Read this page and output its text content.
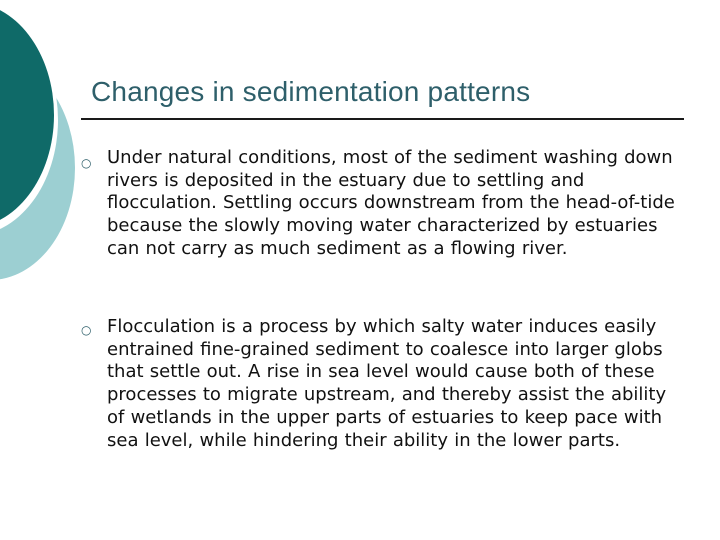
Changes in sedimentation patterns
○ Under natural conditions, most of the sediment washing down rivers is deposited in the estuary due to settling and flocculation. Settling occurs downstream from the head-of-tide because the slowly moving water characterized by estuaries can not carry as much sediment as a flowing river.
○ Flocculation is a process by which salty water induces easily entrained fine-grained sediment to coalesce into larger globs that settle out. A rise in sea level would cause both of these processes to migrate upstream, and thereby assist the ability of wetlands in the upper parts of estuaries to keep pace with sea level, while hindering their ability in the lower parts.
